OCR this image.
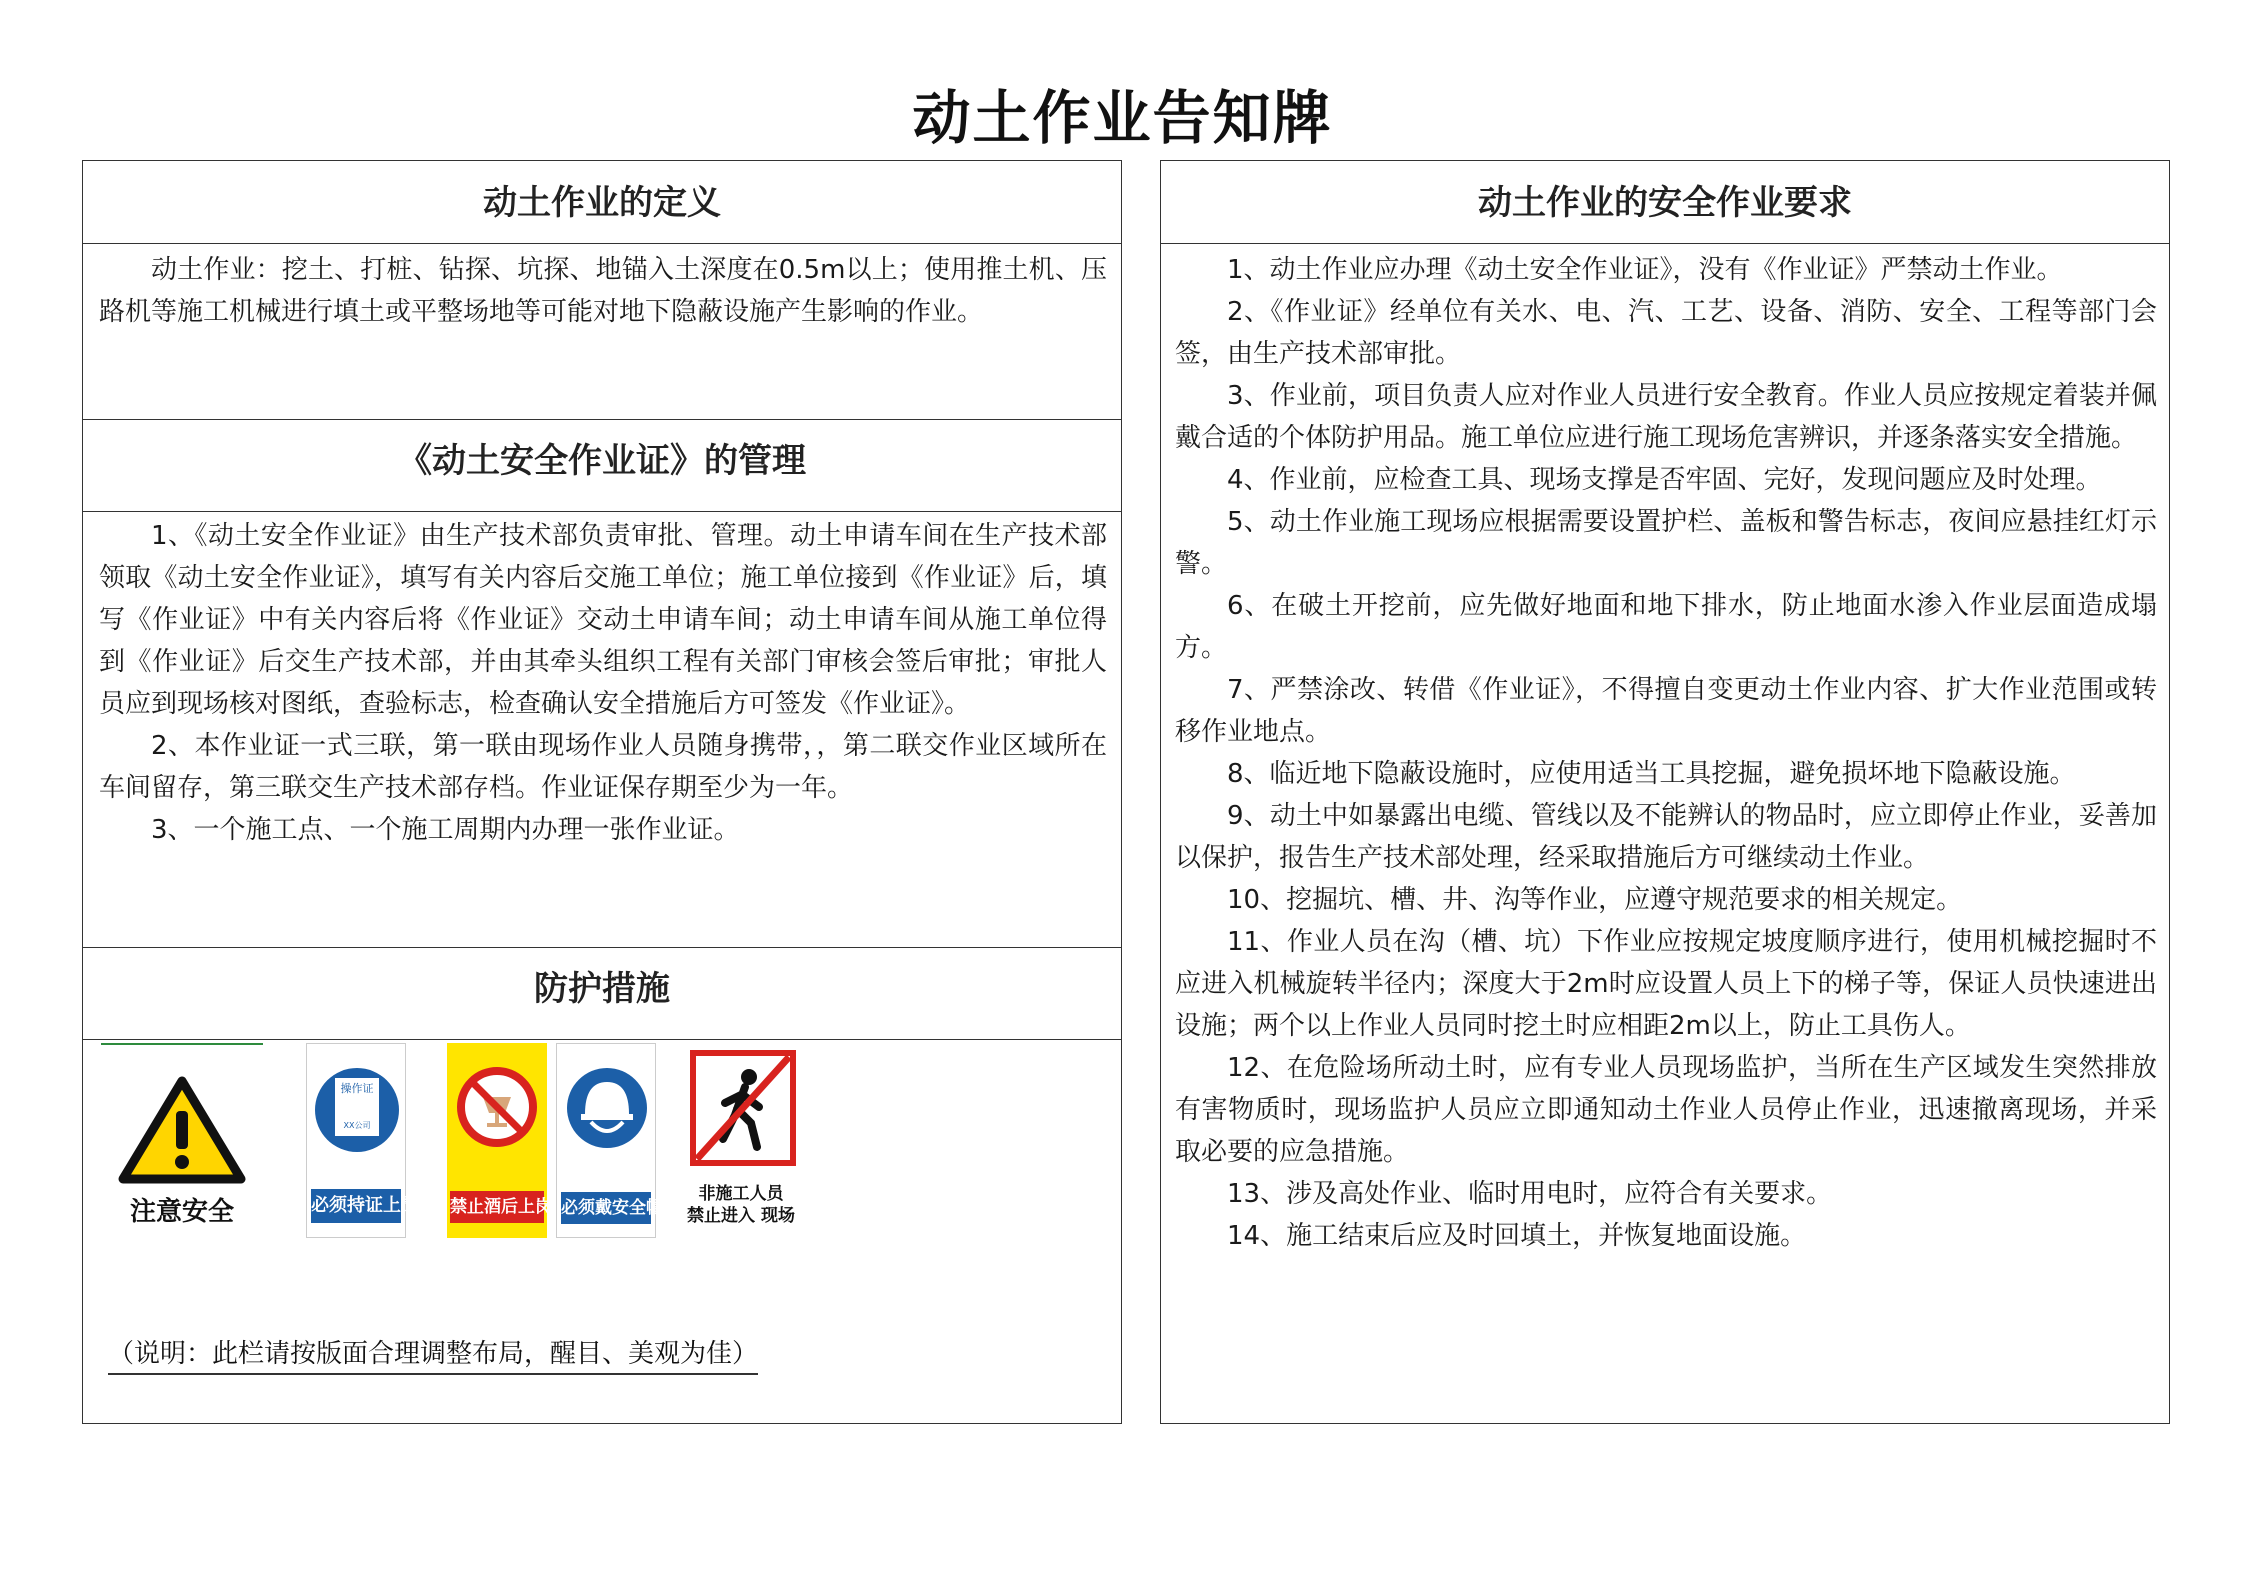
动土作业告知牌
动土作业的定义

动土作业：挖土、打桩、钻探、坑探、地锚入土深度在0.5m以上；使用推土机、压路机等施工机械进行填土或平整场地等可能对地下隐蔽设施产生影响的作业。

《动土安全作业证》的管理

1、《动土安全作业证》由生产技术部负责审批、管理。动土申请车间在生产技术部领取《动土安全作业证》，填写有关内容后交施工单位；施工单位接到《作业证》后，填写《作业证》中有关内容后将《作业证》交动土申请车间；动土申请车间从施工单位得到《作业证》后交生产技术部，并由其牵头组织工程有关部门审核会签后审批；审批人员应到现场核对图纸，查验标志，检查确认安全措施后方可签发《作业证》。

2、本作业证一式三联，第一联由现场作业人员随身携带，，第二联交作业区域所在车间留存，第三联交生产技术部存档。作业证保存期至少为一年。

3、一个施工点、一个施工周期内办理一张作业证。

防护措施
注意安全
操作证
XX公司
必须持证上岗 禁止酒后上岗 必须戴安全帽
非施工人员
禁止进入 现场
（说明：此栏请按版面合理调整布局，醒目、美观为佳）
动土作业的安全作业要求

1、动土作业应办理《动土安全作业证》，没有《作业证》严禁动土作业。

2、《作业证》经单位有关水、电、汽、工艺、设备、消防、安全、工程等部门会签，由生产技术部审批。

3、作业前，项目负责人应对作业人员进行安全教育。作业人员应按规定着装并佩戴合适的个体防护用品。施工单位应进行施工现场危害辨识，并逐条落实安全措施。

4、作业前，应检查工具、现场支撑是否牢固、完好，发现问题应及时处理。

5、动土作业施工现场应根据需要设置护栏、盖板和警告标志，夜间应悬挂红灯示警。

6、在破土开挖前，应先做好地面和地下排水，防止地面水渗入作业层面造成塌方。

7、严禁涂改、转借《作业证》，不得擅自变更动土作业内容、扩大作业范围或转移作业地点。

8、临近地下隐蔽设施时，应使用适当工具挖掘，避免损坏地下隐蔽设施。

9、动土中如暴露出电缆、管线以及不能辨认的物品时，应立即停止作业，妥善加以保护，报告生产技术部处理，经采取措施后方可继续动土作业。

10、挖掘坑、槽、井、沟等作业，应遵守规范要求的相关规定。

11、作业人员在沟（槽、坑）下作业应按规定坡度顺序进行，使用机械挖掘时不应进入机械旋转半径内；深度大于2m时应设置人员上下的梯子等，保证人员快速进出设施；两个以上作业人员同时挖土时应相距2m以上，防止工具伤人。

12、在危险场所动土时，应有专业人员现场监护，当所在生产区域发生突然排放有害物质时，现场监护人员应立即通知动土作业人员停止作业，迅速撤离现场，并采取必要的应急措施。

13、涉及高处作业、临时用电时，应符合有关要求。

14、施工结束后应及时回填土，并恢复地面设施。
